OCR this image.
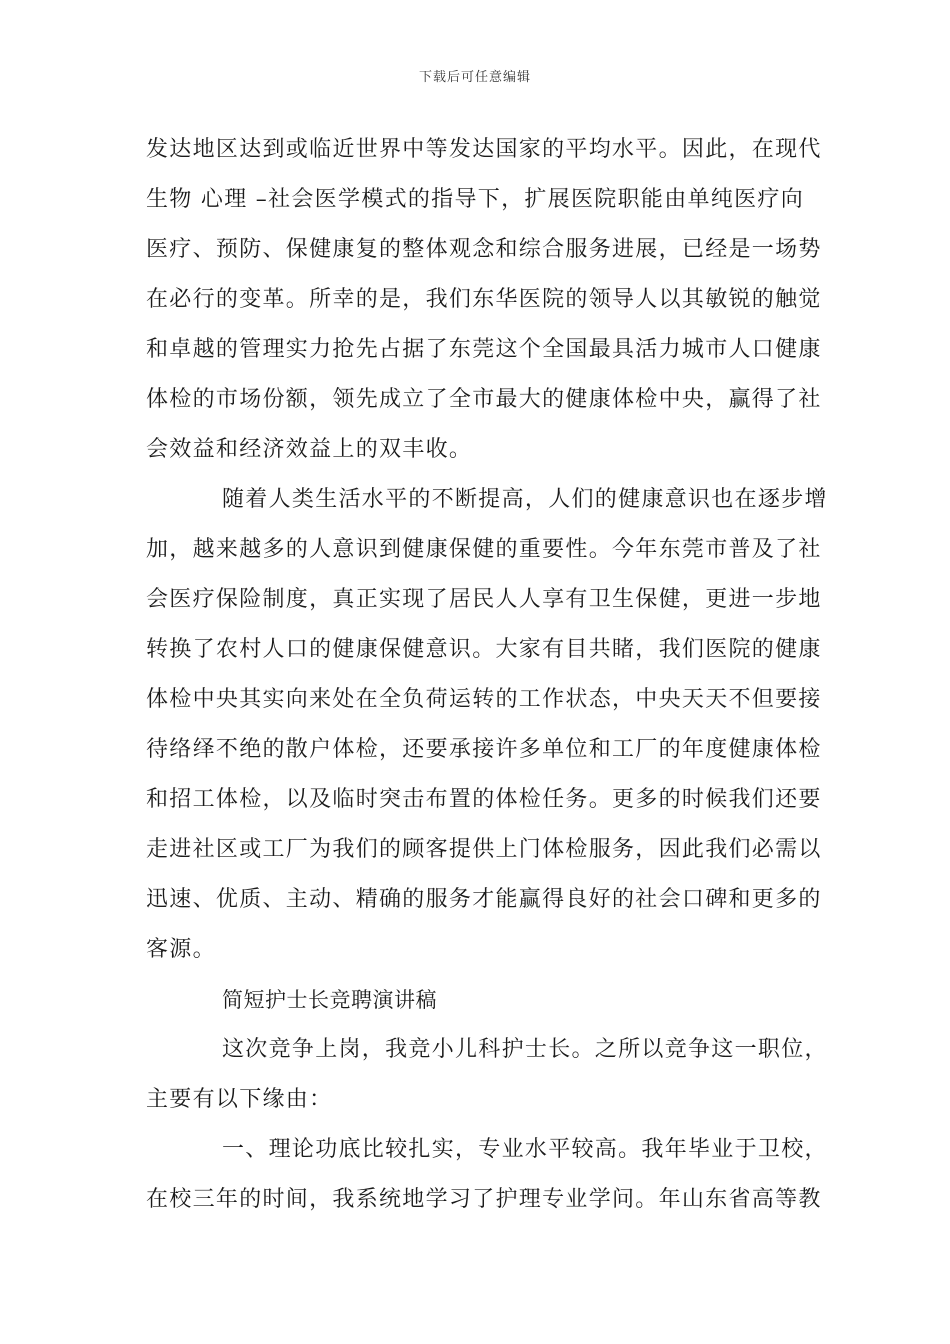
下载后可任意编辑
发达地区达到或临近世界中等发达国家的平均水平。因此，在现代
生物 心理 –社会医学模式的指导下，扩展医院职能由单纯医疗向
医疗、预防、保健康复的整体观念和综合服务进展，已经是一场势
在必行的变革。所幸的是，我们东华医院的领导人以其敏锐的触觉
和卓越的管理实力抢先占据了东莞这个全国最具活力城市人口健康
体检的市场份额，领先成立了全市最大的健康体检中央，赢得了社
会效益和经济效益上的双丰收。
随着人类生活水平的不断提高，人们的健康意识也在逐步增
加，越来越多的人意识到健康保健的重要性。今年东莞市普及了社
会医疗保险制度，真正实现了居民人人享有卫生保健，更进一步地
转换了农村人口的健康保健意识。大家有目共睹，我们医院的健康
体检中央其实向来处在全负荷运转的工作状态，中央天天不但要接
待络绎不绝的散户体检，还要承接许多单位和工厂的年度健康体检
和招工体检，以及临时突击布置的体检任务。更多的时候我们还要
走进社区或工厂为我们的顾客提供上门体检服务，因此我们必需以
迅速、优质、主动、精确的服务才能赢得良好的社会口碑和更多的
客源。
简短护士长竞聘演讲稿
这次竞争上岗，我竞小儿科护士长。之所以竞争这一职位，
主要有以下缘由：
一、理论功底比较扎实，专业水平较高。我年毕业于卫校，
在校三年的时间，我系统地学习了护理专业学问。年山东省高等教
